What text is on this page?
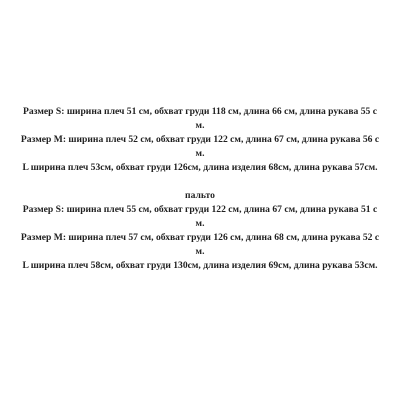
Размер S: ширина плеч 51 см, обхват груди 118 см, длина 66 см, длина рукава 55 с
м.
Размер M: ширина плеч 52 см, обхват груди 122 см, длина 67 см, длина рукава 56 с
м.
L ширина плеч 53см, обхват груди 126см, длина изделия 68см, длина рукава 57см.
пальто
Размер S: ширина плеч 55 см, обхват груди 122 см, длина 67 см, длина рукава 51 с
м.
Размер M: ширина плеч 57 см, обхват груди 126 см, длина 68 см, длина рукава 52 с
м.
L ширина плеч 58см, обхват груди 130см, длина изделия 69см, длина рукава 53см.
